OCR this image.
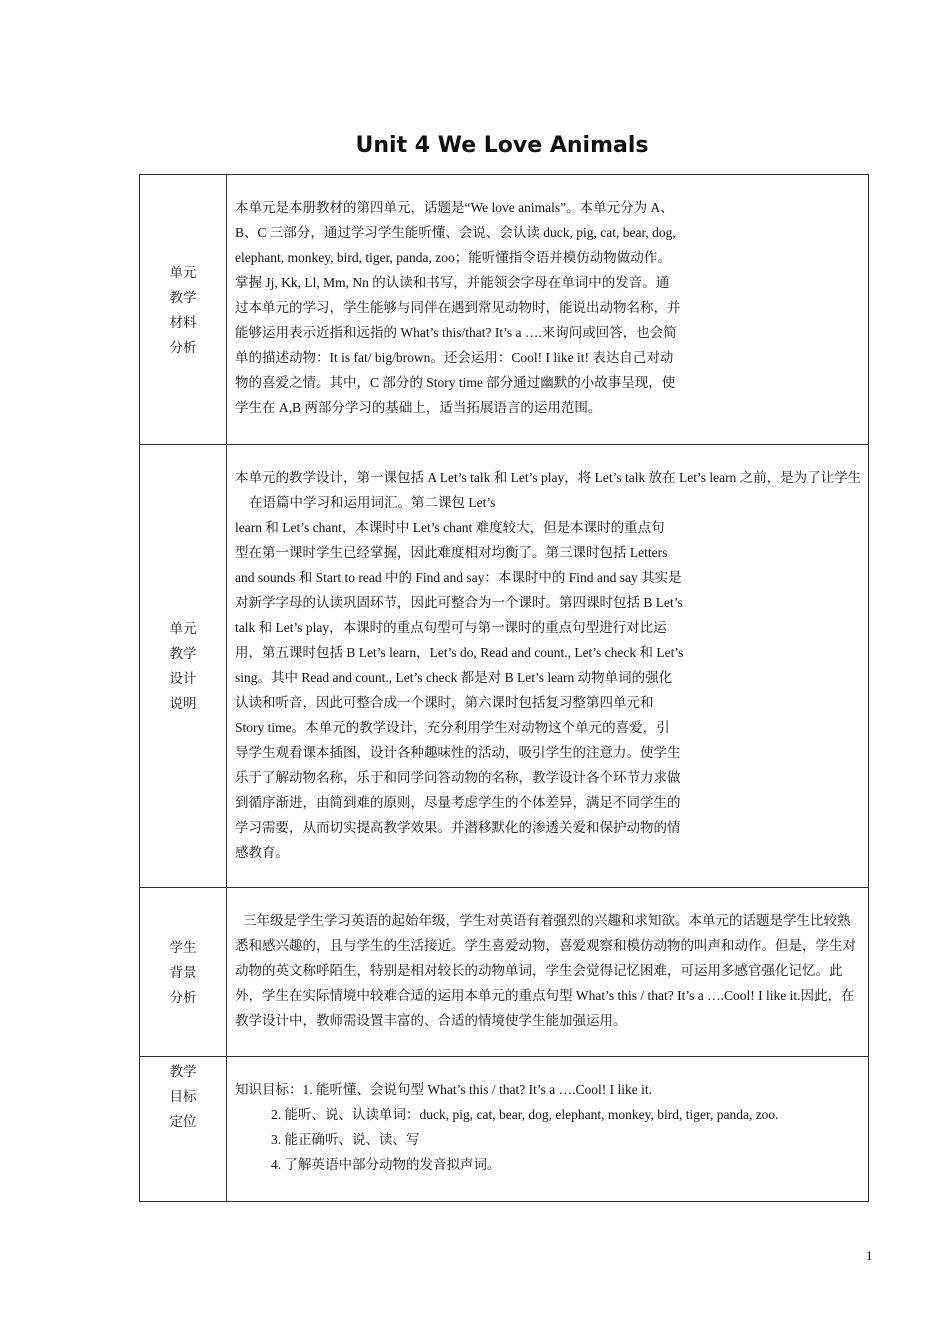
Unit 4 We Love Animals
单元
教学
材料
分析
本单元是本册教材的第四单元，话题是“We love animals”。本单元分为 A、
B、C 三部分，通过学习学生能听懂、会说、会认读 duck, pig, cat, bear, dog,
elephant, monkey, bird, tiger, panda, zoo；能听懂指令语并模仿动物做动作。
掌握 Jj, Kk, Ll, Mm, Nn 的认读和书写，并能领会字母在单词中的发音。通
过本单元的学习，学生能够与同伴在遇到常见动物时，能说出动物名称，并
能够运用表示近指和远指的 What’s this/that? It’s a ….来询问或回答，也会简
单的描述动物：It is fat/ big/brown。还会运用：Cool! I like it! 表达自己对动
物的喜爱之情。其中，C 部分的 Story time 部分通过幽默的小故事呈现，使
学生在 A,B 两部分学习的基础上，适当拓展语言的运用范围。
单元
教学
设计
说明
本单元的教学设计，第一课包括 A Let’s talk 和 Let’s play，将 Let’s talk 放在 Let’s learn 之前，是为了让学生在语篇中学习和运用词汇。第二课包 Let’s
learn 和 Let’s chant，本课时中 Let’s chant 难度较大，但是本课时的重点句
型在第一课时学生已经掌握，因此难度相对均衡了。第三课时包括 Letters
and sounds 和 Start to read 中的 Find and say：本课时中的 Find and say 其实是
对新学字母的认读巩固环节，因此可整合为一个课时。第四课时包括 B Let’s
talk 和 Let’s play，本课时的重点句型可与第一课时的重点句型进行对比运
用，第五课时包括 B Let’s learn，Let’s do, Read and count., Let’s check 和 Let’s
sing。其中 Read and count., Let’s check 都是对 B Let’s learn 动物单词的强化
认读和听音，因此可整合成一个课时，第六课时包括复习整第四单元和
Story time。本单元的教学设计，充分利用学生对动物这个单元的喜爱，引
导学生观看课本插图，设计各种趣味性的活动，吸引学生的注意力。使学生
乐于了解动物名称，乐于和同学问答动物的名称，教学设计各个环节力求做
到循序渐进，由简到难的原则，尽量考虑学生的个体差异，满足不同学生的
学习需要，从而切实提高教学效果。并潜移默化的渗透关爱和保护动物的情
感教育。
学生
背景
分析
三年级是学生学习英语的起始年级，学生对英语有着强烈的兴趣和求知欲。本单元的话题是学生比较熟悉和感兴趣的，且与学生的生活接近。学生喜爱动物，喜爱观察和模仿动物的叫声和动作。但是，学生对动物的英文称呼陌生，特别是相对较长的动物单词，学生会觉得记忆困难，可运用多感官强化记忆。此外，学生在实际情境中较难合适的运用本单元的重点句型 What’s this / that? It’s a ….Cool! I like it.因此，在教学设计中，教师需设置丰富的、合适的情境使学生能加强运用。
教学
目标
定位
知识目标：1. 能听懂、会说句型 What’s this / that? It’s a ….Cool! I like it.
2. 能听、说、认读单词：duck, pig, cat, bear, dog, elephant, monkey, bird, tiger, panda, zoo.
3. 能正确听、说、读、写
4. 了解英语中部分动物的发音拟声词。
1
